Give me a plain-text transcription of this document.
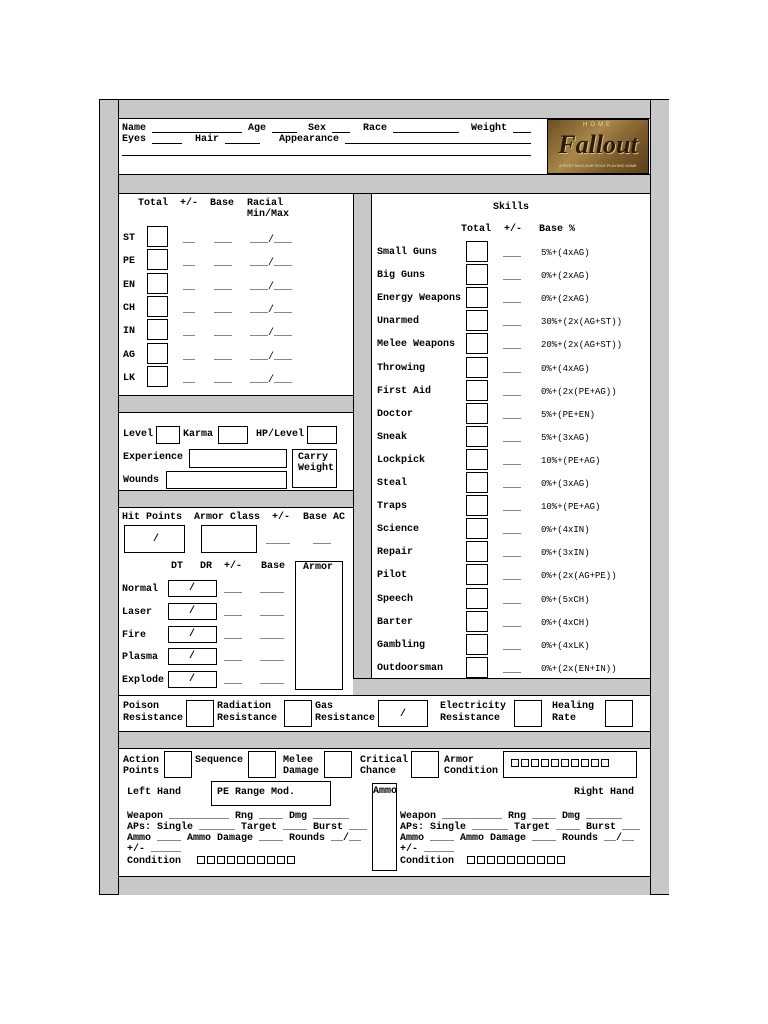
Name	Age	Sex	Race	Weight
Eyes	Hair	Appearance
HOME
Fallout
A POST NUCLEAR ROLE PLAYING GAME
Total +/- Base Racial
Min/Max
ST	__ ___ ___/___
PE	__ ___ ___/___
EN	__ ___ ___/___
CH	__ ___ ___/___
IN	__ ___ ___/___
AG	__ ___ ___/___
LK	__ ___ ___/___
Level	Karma	HP/Level
Experience
Wounds
Carry
Weight
Hit Points Armor Class +/- Base AC
/	____ ___
DT DR +/- Base Armor
Normal	/	___ ____
Laser	/	___ ____
Fire	/	___ ____
Plasma	/	___ ____
Explode /	___ ____
Skills
Total +/- Base %
Small Guns	___ 5%+(4xAG)
Big Guns	___ 0%+(2xAG)
Energy Weapons	___ 0%+(2xAG)
Unarmed	___ 30%+(2x(AG+ST))
Melee Weapons	___ 20%+(2x(AG+ST))
Throwing	___ 0%+(4xAG)
First Aid	___ 0%+(2x(PE+AG))
Doctor	___ 5%+(PE+EN)
Sneak	___ 5%+(3xAG)
Lockpick	___ 10%+(PE+AG)
Steal	___ 0%+(3xAG)
Traps	___ 10%+(PE+AG)
Science	___ 0%+(4xIN)
Repair	___ 0%+(3xIN)
Pilot	___ 0%+(2x(AG+PE))
Speech	___ 0%+(5xCH)
Barter	___ 0%+(4xCH)
Gambling	___ 0%+(4xLK)
Outdoorsman	___ 0%+(2x(EN+IN))
Poison
Resistance
Radiation
Resistance
Gas
Resistance /
Electricity
Resistance
Healing
Rate
Action
Points
Sequence	Melee
Damage
Critical
Chance
Armor
Condition
Left Hand	PE Range Mod.	Right Hand
Ammo
Weapon __________ Rng ____ Dmg ______
APs: Single ______ Target ____ Burst ___
Ammo ____ Ammo Damage ____ Rounds __/__
+/- _____
Condition
Weapon __________ Rng ____ Dmg ______
APs: Single ______ Target ____ Burst ___
Ammo ____ Ammo Damage ____ Rounds __/__
+/- _____
Condition
